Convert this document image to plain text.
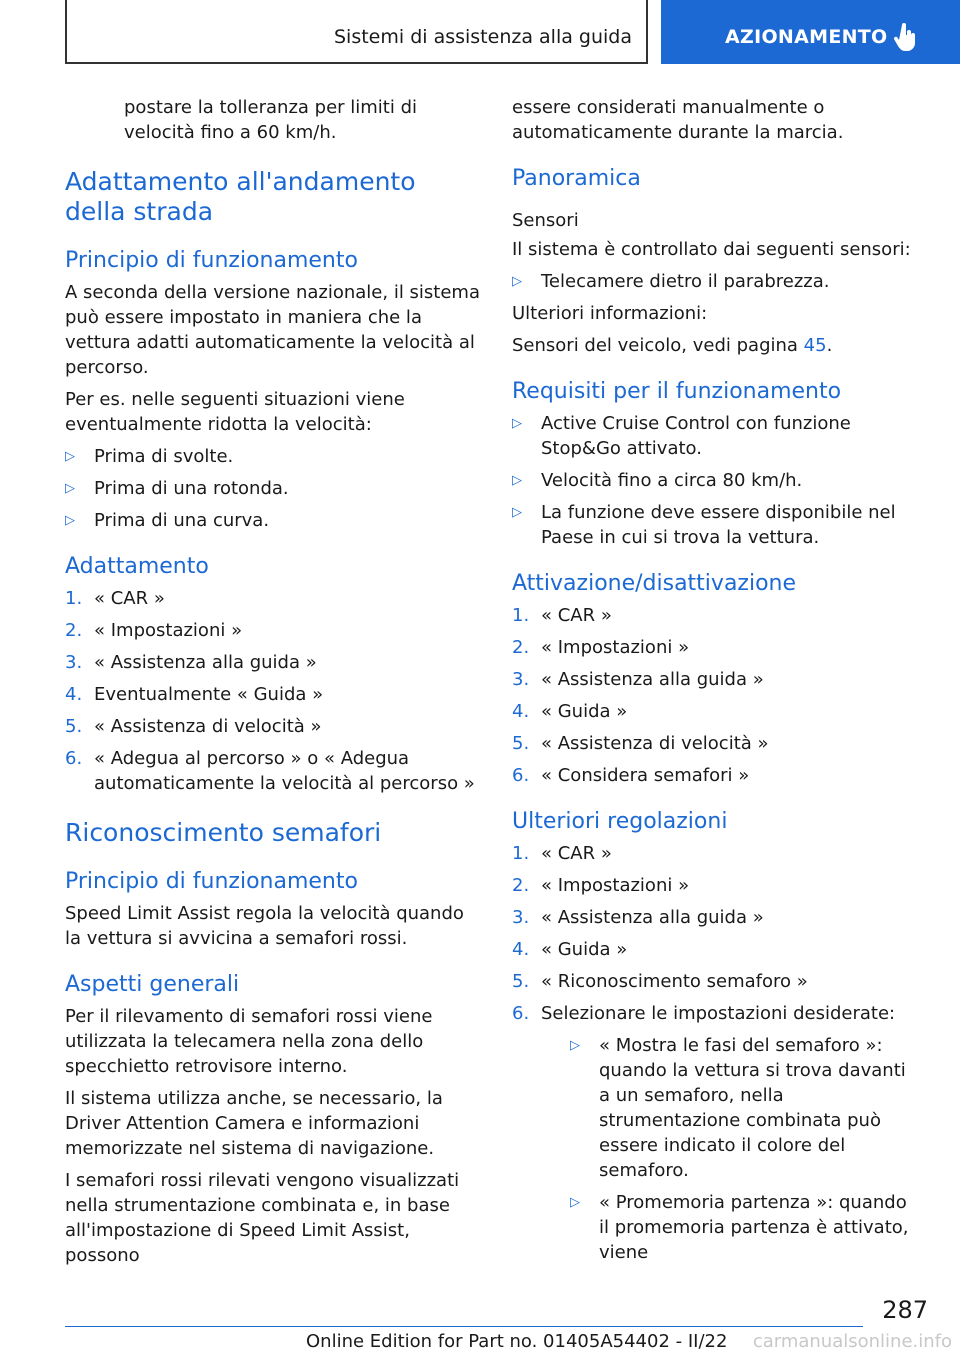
Sistemi di assistenza alla guida	AZIONAMENTO

postare la tolleranza per limiti di velocità fino a 60 km/h.

Adattamento all'andamento della strada
Principio di funzionamento

A seconda della versione nazionale, il sistema può essere impostato in maniera che la vettura adatti automaticamente la velocità al percorso.

Per es. nelle seguenti situazioni viene eventualmente ridotta la velocità:

▷ Prima di svolte.
▷ Prima di una rotonda.
▷ Prima di una curva.
Adattamento
1. « CAR »
2. « Impostazioni »
3. « Assistenza alla guida »
4. Eventualmente « Guida »
5. « Assistenza di velocità »
6. « Adegua al percorso » o « Adegua automaticamente la velocità al percorso »
Riconoscimento semafori
Principio di funzionamento

Speed Limit Assist regola la velocità quando la vettura si avvicina a semafori rossi.

Aspetti generali

Per il rilevamento di semafori rossi viene utilizzata la telecamera nella zona dello specchietto retrovisore interno.

Il sistema utilizza anche, se necessario, la Driver Attention Camera e informazioni memorizzate nel sistema di navigazione.

I semafori rossi rilevati vengono visualizzati nella strumentazione combinata e, in base all'impostazione di Speed Limit Assist, possono

essere considerati manualmente o automaticamente durante la marcia.

Panoramica
Sensori

Il sistema è controllato dai seguenti sensori:

▷ Telecamere dietro il parabrezza.

Ulteriori informazioni:

Sensori del veicolo, vedi pagina 45.

Requisiti per il funzionamento
▷ Active Cruise Control con funzione Stop&Go attivato.
▷ Velocità fino a circa 80 km/h.
▷ La funzione deve essere disponibile nel Paese in cui si trova la vettura.
Attivazione/disattivazione
1. « CAR »
2. « Impostazioni »
3. « Assistenza alla guida »
4. « Guida »
5. « Assistenza di velocità »
6. « Considera semafori »
Ulteriori regolazioni
1. « CAR »
2. « Impostazioni »
3. « Assistenza alla guida »
4. « Guida »
5. « Riconoscimento semaforo »
6. Selezionare le impostazioni desiderate:
▷ « Mostra le fasi del semaforo »: quando la vettura si trova davanti a un semaforo, nella strumentazione combinata può essere indicato il colore del semaforo.
▷ « Promemoria partenza »: quando il promemoria partenza è attivato, viene
287
Online Edition for Part no. 01405A54402 - II/22 carmanualsonline.info
